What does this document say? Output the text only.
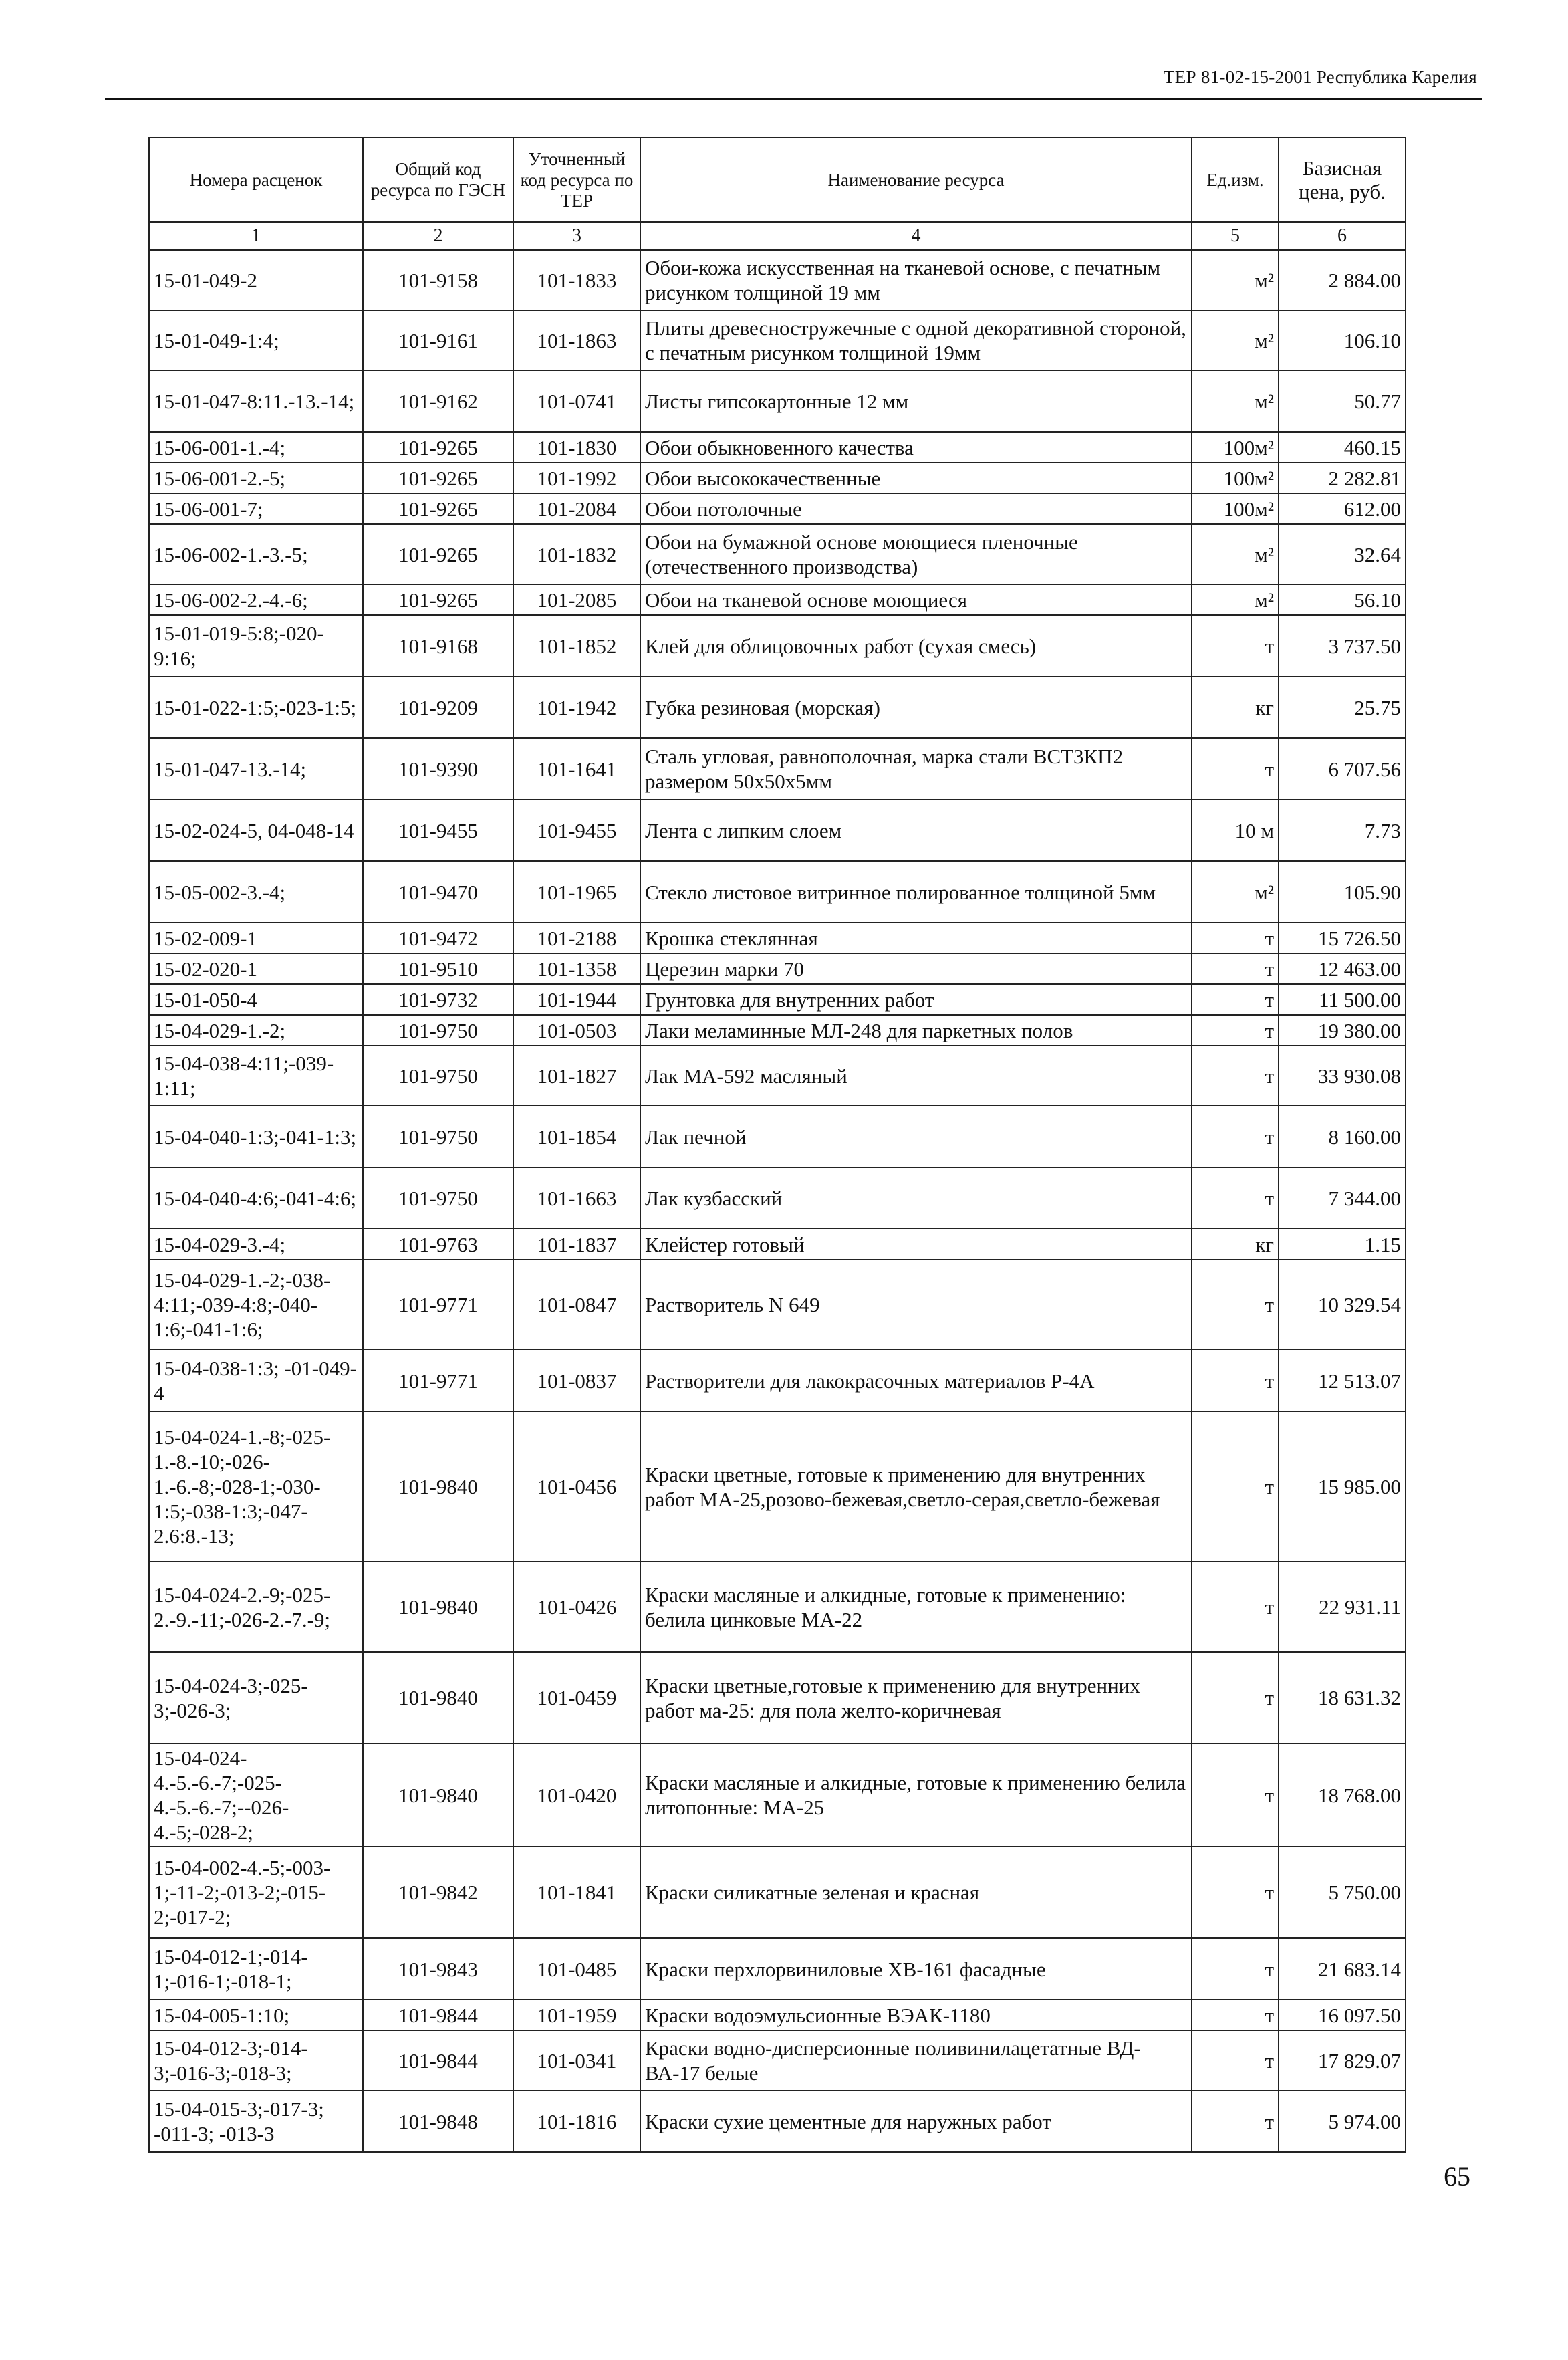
ТЕР 81-02-15-2001 Республика Карелия
Номера расценок	Общий код ресурса по ГЭСН	Уточненный код ресурса по ТЕР	Наименование ресурса	Ед.изм.	Базисная цена, руб.
1	2	3	4	5	6
15-01-049-2	101-9158	101-1833	Обои-кожа искусственная на тканевой основе, с печатным рисунком толщиной 19 мм	м²	2 884.00
15-01-049-1:4;	101-9161	101-1863	Плиты древесностружечные с одной декоративной стороной, с печатным рисунком толщиной 19мм	м²	106.10
15-01-047-8:11.-13.-14;	101-9162	101-0741	Листы гипсокартонные 12 мм	м²	50.77
15-06-001-1.-4;	101-9265	101-1830	Обои обыкновенного качества	100м²	460.15
15-06-001-2.-5;	101-9265	101-1992	Обои высококачественные	100м²	2 282.81
15-06-001-7;	101-9265	101-2084	Обои потолочные	100м²	612.00
15-06-002-1.-3.-5;	101-9265	101-1832	Обои на бумажной основе моющиеся пленочные (отечественного производства)	м²	32.64
15-06-002-2.-4.-6;	101-9265	101-2085	Обои на тканевой основе моющиеся	м²	56.10
15-01-019-5:8;-020-9:16;	101-9168	101-1852	Клей для облицовочных работ (сухая смесь)	т	3 737.50
15-01-022-1:5;-023-1:5;	101-9209	101-1942	Губка резиновая (морская)	кг	25.75
15-01-047-13.-14;	101-9390	101-1641	Сталь угловая, равнополочная, марка стали ВСТ3КП2 размером 50х50х5мм	т	6 707.56
15-02-024-5, 04-048-14	101-9455	101-9455	Лента с липким слоем	10 м	7.73
15-05-002-3.-4;	101-9470	101-1965	Стекло листовое витринное полированное толщиной 5мм	м²	105.90
15-02-009-1	101-9472	101-2188	Крошка стеклянная	т	15 726.50
15-02-020-1	101-9510	101-1358	Церезин марки 70	т	12 463.00
15-01-050-4	101-9732	101-1944	Грунтовка для внутренних работ	т	11 500.00
15-04-029-1.-2;	101-9750	101-0503	Лаки меламинные МЛ-248 для паркетных полов	т	19 380.00
15-04-038-4:11;-039-1:11;	101-9750	101-1827	Лак МА-592 масляный	т	33 930.08
15-04-040-1:3;-041-1:3;	101-9750	101-1854	Лак печной	т	8 160.00
15-04-040-4:6;-041-4:6;	101-9750	101-1663	Лак кузбасский	т	7 344.00
15-04-029-3.-4;	101-9763	101-1837	Клейстер готовый	кг	1.15
15-04-029-1.-2;-038-4:11;-039-4:8;-040-1:6;-041-1:6;	101-9771	101-0847	Растворитель N 649	т	10 329.54
15-04-038-1:3; -01-049-4	101-9771	101-0837	Растворители для лакокрасочных материалов Р-4А	т	12 513.07
15-04-024-1.-8;-025-1.-8.-10;-026-1.-6.-8;-028-1;-030-1:5;-038-1:3;-047-2.6:8.-13;	101-9840	101-0456	Краски цветные, готовые к применению для внутренних работ МА-25,розово-бежевая,светло-серая,светло-бежевая	т	15 985.00
15-04-024-2.-9;-025-2.-9.-11;-026-2.-7.-9;	101-9840	101-0426	Краски масляные и алкидные, готовые к применению: белила цинковые МА-22	т	22 931.11
15-04-024-3;-025-3;-026-3;	101-9840	101-0459	Краски цветные,готовые к применению для внутренних работ ма-25: для пола желто-коричневая	т	18 631.32
15-04-024-4.-5.-6.-7;-025-4.-5.-6.-7;--026-4.-5;-028-2;	101-9840	101-0420	Краски масляные и алкидные, готовые к применению белила литопонные: МА-25	т	18 768.00
15-04-002-4.-5;-003-1;-11-2;-013-2;-015-2;-017-2;	101-9842	101-1841	Краски силикатные зеленая и красная	т	5 750.00
15-04-012-1;-014-1;-016-1;-018-1;	101-9843	101-0485	Краски перхлорвиниловые ХВ-161 фасадные	т	21 683.14
15-04-005-1:10;	101-9844	101-1959	Краски водоэмульсионные ВЭАК-1180	т	16 097.50
15-04-012-3;-014-3;-016-3;-018-3;	101-9844	101-0341	Краски водно-дисперсионные поливинилацетатные ВД-ВА-17 белые	т	17 829.07
15-04-015-3;-017-3; -011-3; -013-3	101-9848	101-1816	Краски сухие цементные для наружных работ	т	5 974.00
65
